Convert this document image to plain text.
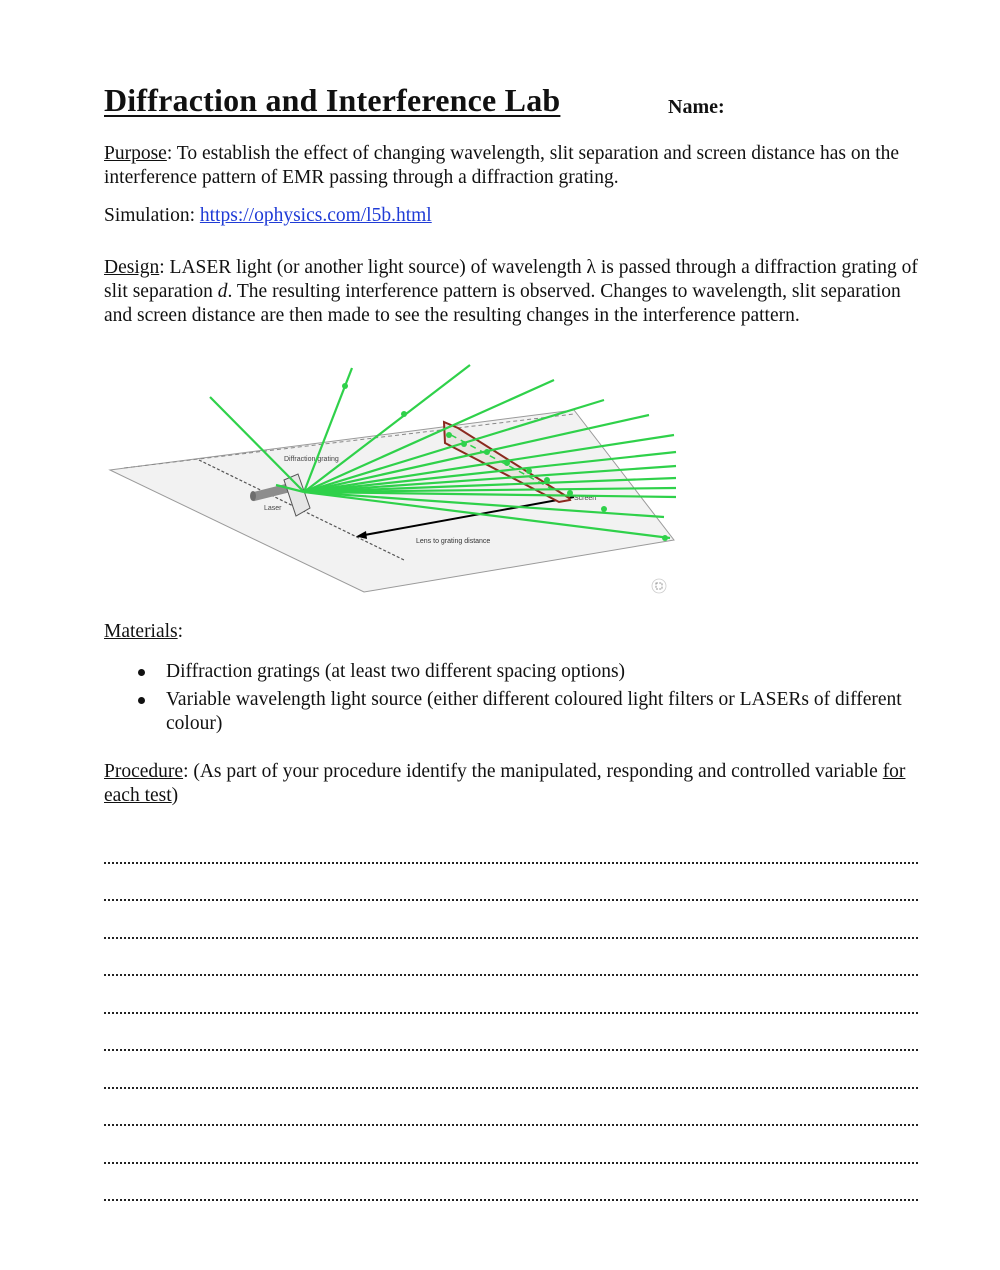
Diffraction and Interference Lab	Name:
Purpose: To establish the effect of changing wavelength, slit separation and screen distance has on the interference pattern of EMR passing through a diffraction grating.
Simulation: https://ophysics.com/l5b.html
Design: LASER light (or another light source) of wavelength λ is passed through a diffraction grating of slit separation d. The resulting interference pattern is observed. Changes to wavelength, slit separation and screen distance are then made to see the resulting changes in the interference pattern.
Lens to grating distance
Laser
Diffraction grating
Screen
Materials:
Diffraction gratings (at least two different spacing options)
Variable wavelength light source (either different coloured light filters or LASERs of different colour)
Procedure: (As part of your procedure identify the manipulated, responding and controlled variable for each test)
